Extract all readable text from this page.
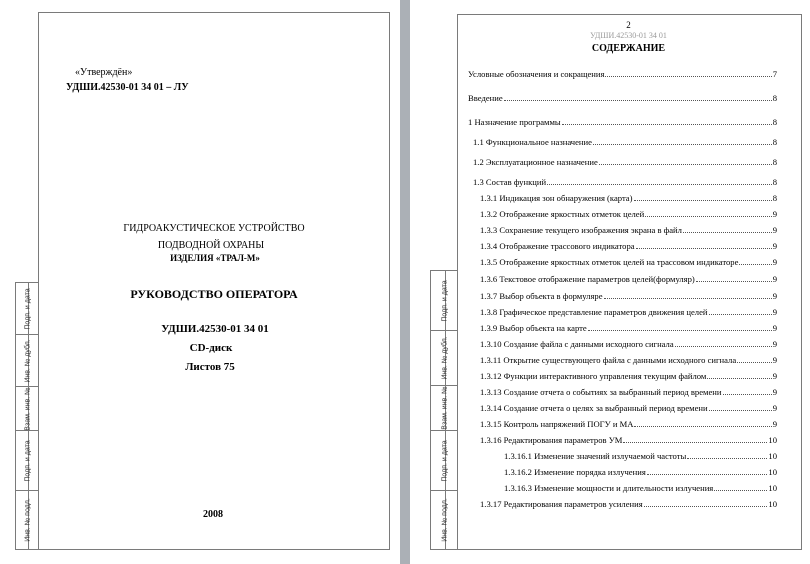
Подп. и дата
Инв. № дубл.
Взам. инв. №
Подп. и дата
Инв. № подл.
«Утверждён»
УДШИ.42530-01 34 01 – ЛУ
ГИДРОАКУСТИЧЕСКОЕ УСТРОЙСТВО
ПОДВОДНОЙ ОХРАНЫ
ИЗДЕЛИЯ «ТРАЛ-М»
РУКОВОДСТВО ОПЕРАТОРА
УДШИ.42530-01 34 01
CD-диск
Листов 75
2008
Подп. и дата
Инв. № дубл.
Взам. инв. №
Подп. и дата
Инв. № подл.
2
УДШИ.42530-01 34 01
СОДЕРЖАНИЕ
Условные обозначения и сокращения	7
Введение	8
1 Назначение программы	8
1.1 Функциональное назначение	8
1.2 Эксплуатационное назначение	8
1.3 Состав функций	8
1.3.1 Индикация зон обнаружения (карта)	8
1.3.2 Отображение яркостных отметок целей	9
1.3.3 Сохранение текущего изображения экрана в файл	9
1.3.4 Отображение трассового индикатора	9
1.3.5 Отображение яркостных отметок целей на трассовом индикаторе	9
1.3.6 Текстовое отображение параметров целей(формуляр)	9
1.3.7 Выбор объекта в формуляре	9
1.3.8 Графическое представление параметров движения целей	9
1.3.9 Выбор объекта на карте	9
1.3.10 Создание файла с данными исходного сигнала	9
1.3.11 Открытие существующего файла с данными исходного сигнала	9
1.3.12 Функции интерактивного управления текущим файлом	9
1.3.13 Создание отчета о событиях за выбранный период времени	9
1.3.14 Создание отчета о целях за выбранный период времени	9
1.3.15 Контроль напряжений ПОГУ и МА	9
1.3.16 Редактирования параметров УМ	10
1.3.16.1 Изменение значений излучаемой частоты	10
1.3.16.2 Изменение порядка излучения	10
1.3.16.3 Изменение мощности и длительности излучения	10
1.3.17 Редактирования параметров усиления	10
